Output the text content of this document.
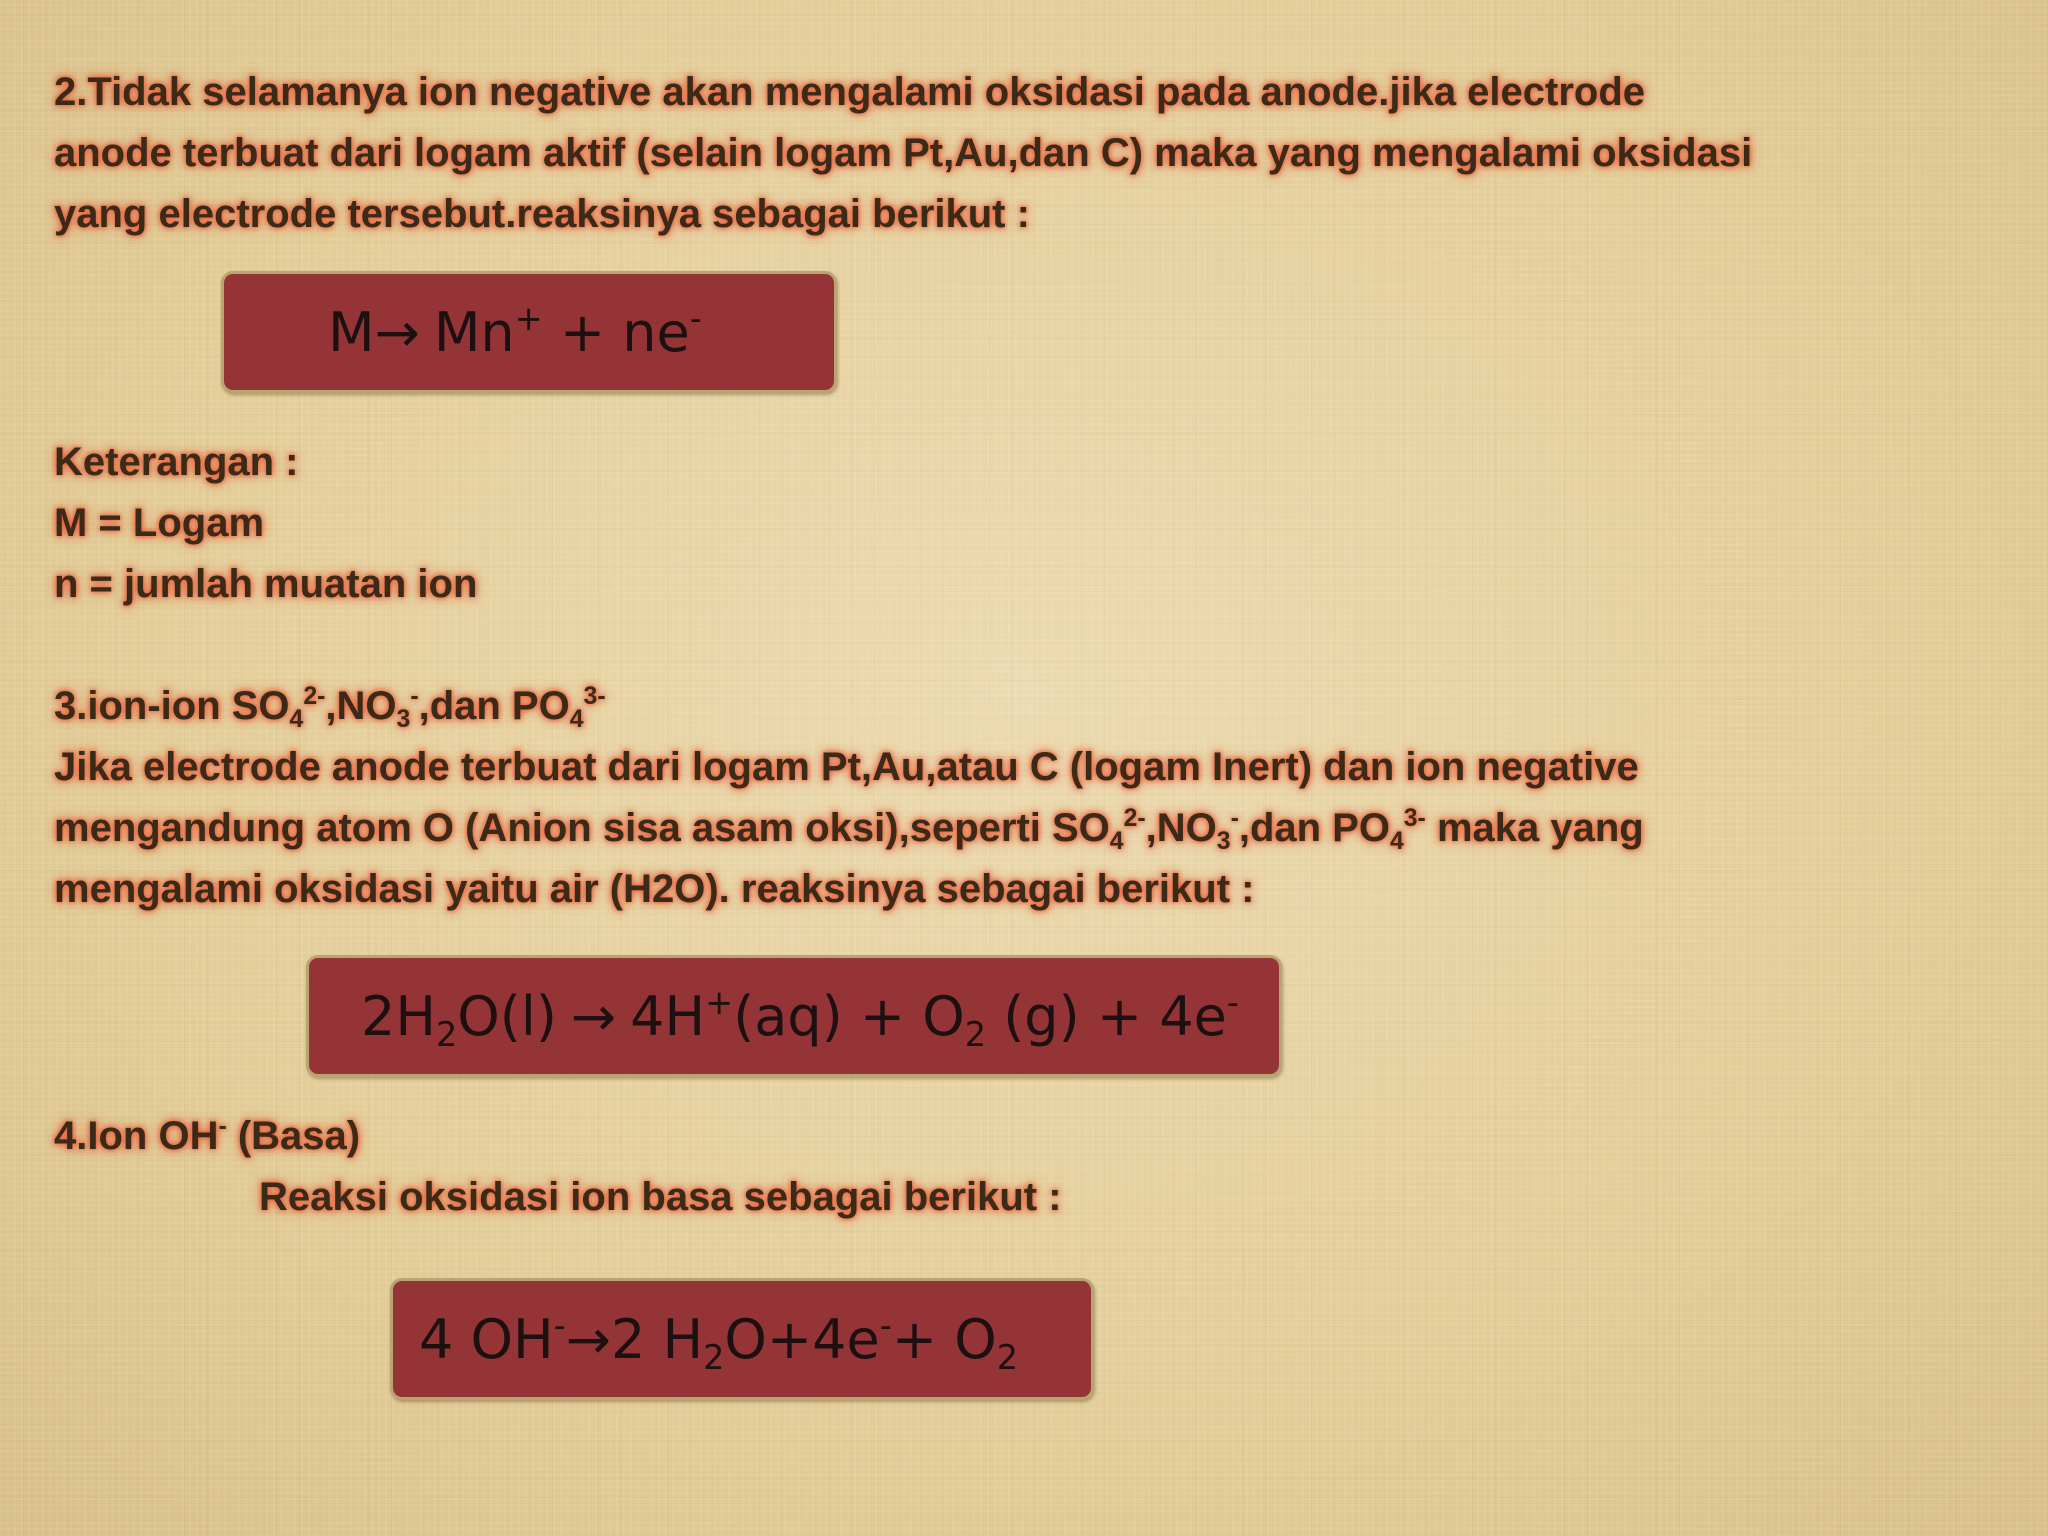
2.Tidak selamanya ion negative akan mengalami oksidasi pada anode.jika electrode

anode terbuat dari logam aktif (selain logam Pt,Au,dan C) maka yang mengalami oksidasi

yang electrode tersebut.reaksinya sebagai berikut :

M→ Mn+ + ne-

Keterangan :

M = Logam

n = jumlah muatan ion

3.ion-ion $SO_4^{2-},NO_3^-,dan$ $PO_4^{3-}$

Jika electrode anode terbuat dari logam Pt,Au,atau C (logam Inert) dan ion negative

mengandung atom O (Anion sisa asam oksi),seperti $SO_4^{2-},NO_3^-,dan$ $PO_4^{3-}$ maka yang

mengalami oksidasi yaitu air (H2O). reaksinya sebagai berikut :

$2H_2O(l) \to 4H^+(aq) + O_2$ (g) + 4e-

4.Ion OH- (Basa)

Reaksi oksidasi ion basa sebagai berikut :

4 OH-→2 $H_2O+4e^-+ O_2$
